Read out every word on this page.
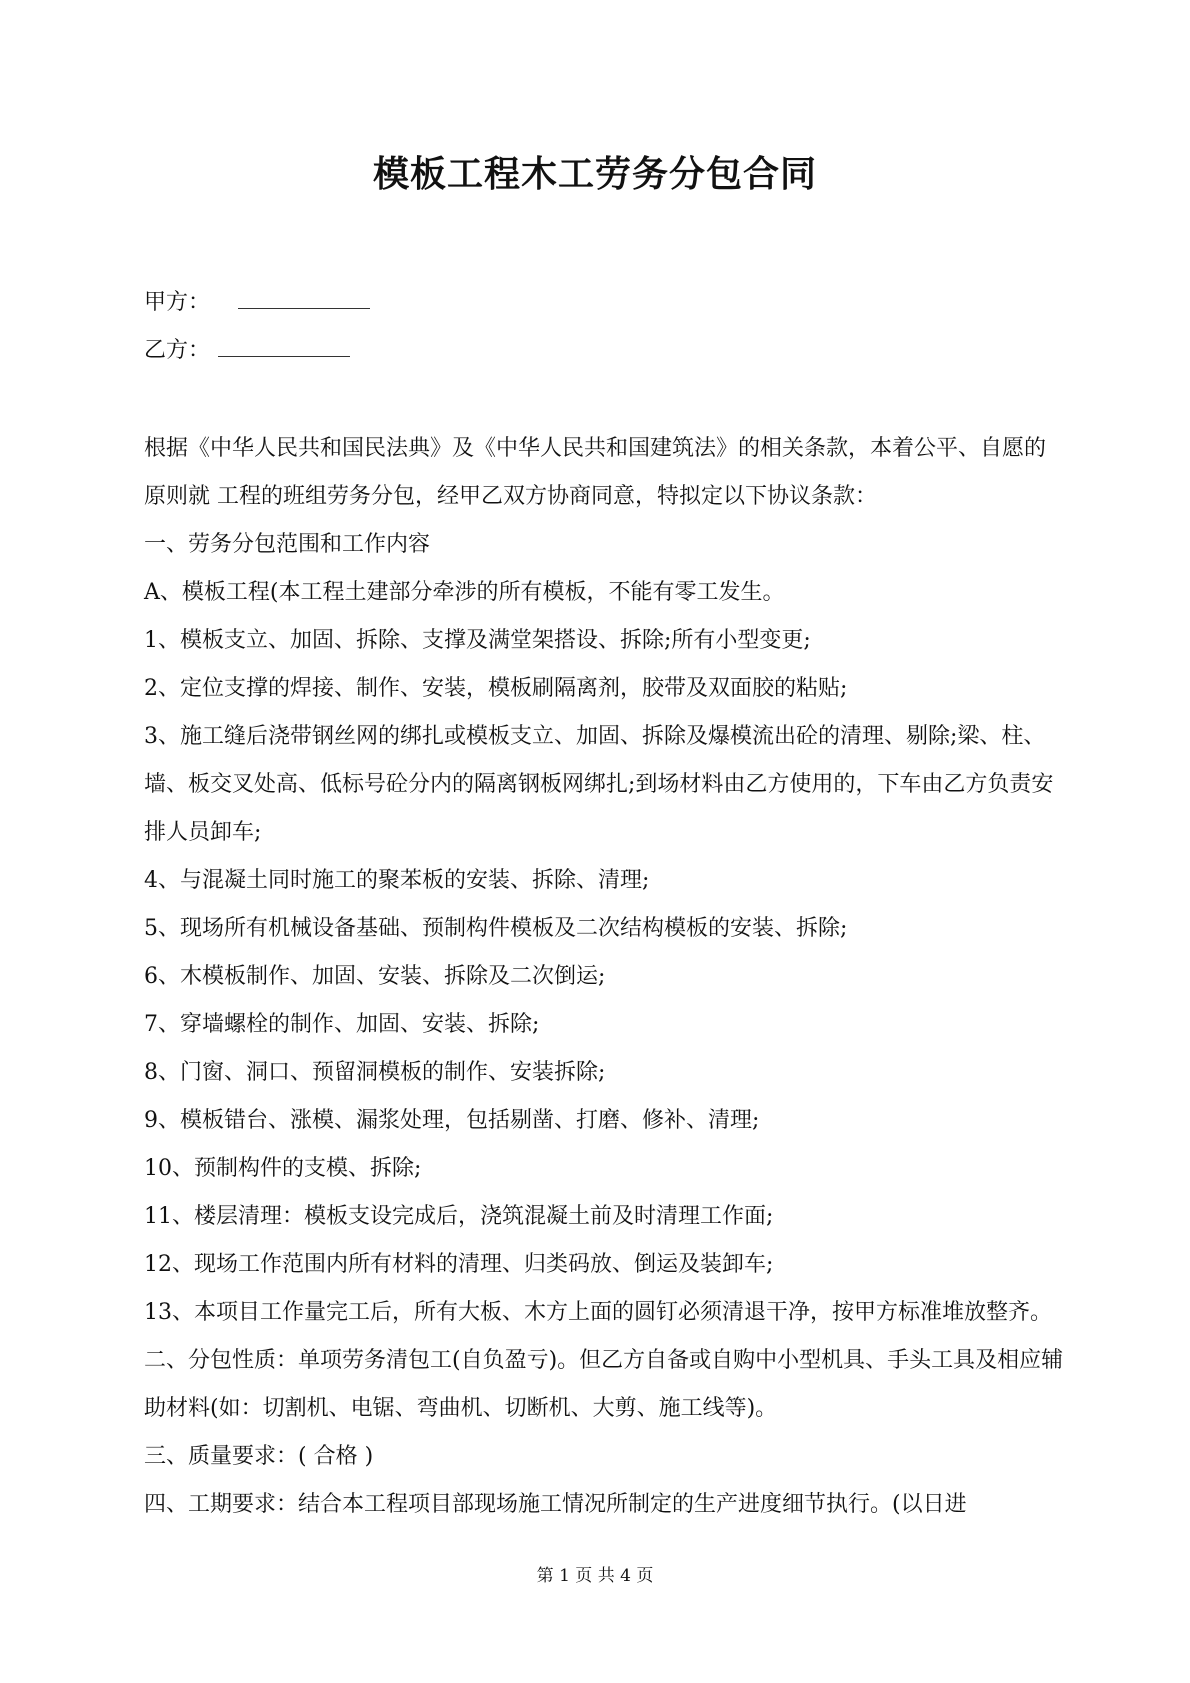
模板工程木工劳务分包合同
甲方：
乙方：

根据《中华人民共和国民法典》及《中华人民共和国建筑法》的相关条款，本着公平、自愿的原则就 工程的班组劳务分包，经甲乙双方协商同意，特拟定以下协议条款：

一、劳务分包范围和工作内容

A、模板工程(本工程土建部分牵涉的所有模板，不能有零工发生。

1、模板支立、加固、拆除、支撑及满堂架搭设、拆除;所有小型变更;

2、定位支撑的焊接、制作、安装，模板刷隔离剂，胶带及双面胶的粘贴;

3、施工缝后浇带钢丝网的绑扎或模板支立、加固、拆除及爆模流出砼的清理、剔除;梁、柱、墙、板交叉处高、低标号砼分内的隔离钢板网绑扎;到场材料由乙方使用的，下车由乙方负责安排人员卸车;

4、与混凝土同时施工的聚苯板的安装、拆除、清理;

5、现场所有机械设备基础、预制构件模板及二次结构模板的安装、拆除;

6、木模板制作、加固、安装、拆除及二次倒运;

7、穿墙螺栓的制作、加固、安装、拆除;

8、门窗、洞口、预留洞模板的制作、安装拆除;

9、模板错台、涨模、漏浆处理，包括剔凿、打磨、修补、清理;

10、预制构件的支模、拆除;

11、楼层清理：模板支设完成后，浇筑混凝土前及时清理工作面;

12、现场工作范围内所有材料的清理、归类码放、倒运及装卸车;

13、本项目工作量完工后，所有大板、木方上面的圆钉必须清退干净，按甲方标准堆放整齐。

二、分包性质：单项劳务清包工(自负盈亏)。但乙方自备或自购中小型机具、手头工具及相应辅助材料(如：切割机、电锯、弯曲机、切断机、大剪、施工线等)。

三、质量要求：( 合格 )

四、工期要求：结合本工程项目部现场施工情况所制定的生产进度细节执行。(以日进

第 1 页 共 4 页
